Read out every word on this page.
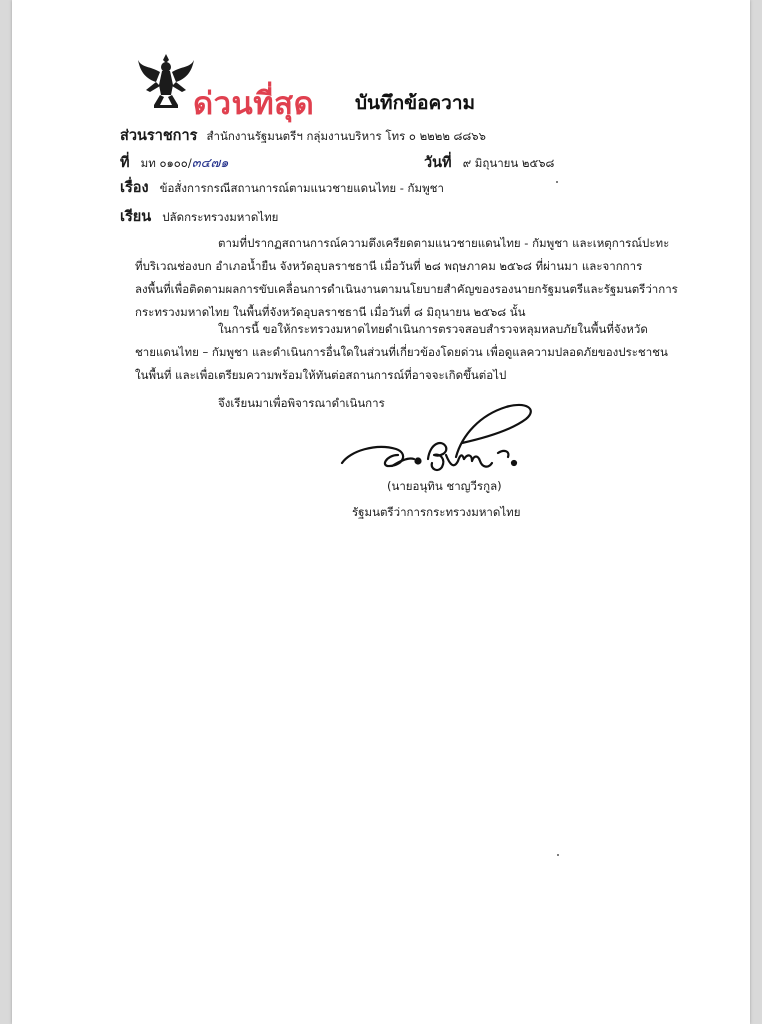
ด่วนที่สุด บันทึกข้อความ
ส่วนราชการ สำนักงานรัฐมนตรีฯ กลุ่มงานบริหาร โทร ๐ ๒๒๒๒ ๘๘๖๖
ที่ มท ๐๑๐๐/๓๔๗๑	วันที่ ๙ มิถุนายน ๒๕๖๘
เรื่อง ข้อสั่งการกรณีสถานการณ์ตามแนวชายแดนไทย - กัมพูชา
เรียน ปลัดกระทรวงมหาดไทย
ตามที่ปรากฏสถานการณ์ความตึงเครียดตามแนวชายแดนไทย - กัมพูชา และเหตุการณ์ปะทะ
ที่บริเวณช่องบก อำเภอน้ำยืน จังหวัดอุบลราชธานี เมื่อวันที่ ๒๘ พฤษภาคม ๒๕๖๘ ที่ผ่านมา และจากการ
ลงพื้นที่เพื่อติดตามผลการขับเคลื่อนการดำเนินงานตามนโยบายสำคัญของรองนายกรัฐมนตรีและรัฐมนตรีว่าการ
กระทรวงมหาดไทย ในพื้นที่จังหวัดอุบลราชธานี เมื่อวันที่ ๘ มิถุนายน ๒๕๖๘ นั้น
ในการนี้ ขอให้กระทรวงมหาดไทยดำเนินการตรวจสอบสำรวจหลุมหลบภัยในพื้นที่จังหวัด
ชายแดนไทย – กัมพูชา และดำเนินการอื่นใดในส่วนที่เกี่ยวข้องโดยด่วน เพื่อดูแลความปลอดภัยของประชาชน
ในพื้นที่ และเพื่อเตรียมความพร้อมให้ทันต่อสถานการณ์ที่อาจจะเกิดขึ้นต่อไป
จึงเรียนมาเพื่อพิจารณาดำเนินการ
(นายอนุทิน ชาญวีรกูล)
รัฐมนตรีว่าการกระทรวงมหาดไทย
